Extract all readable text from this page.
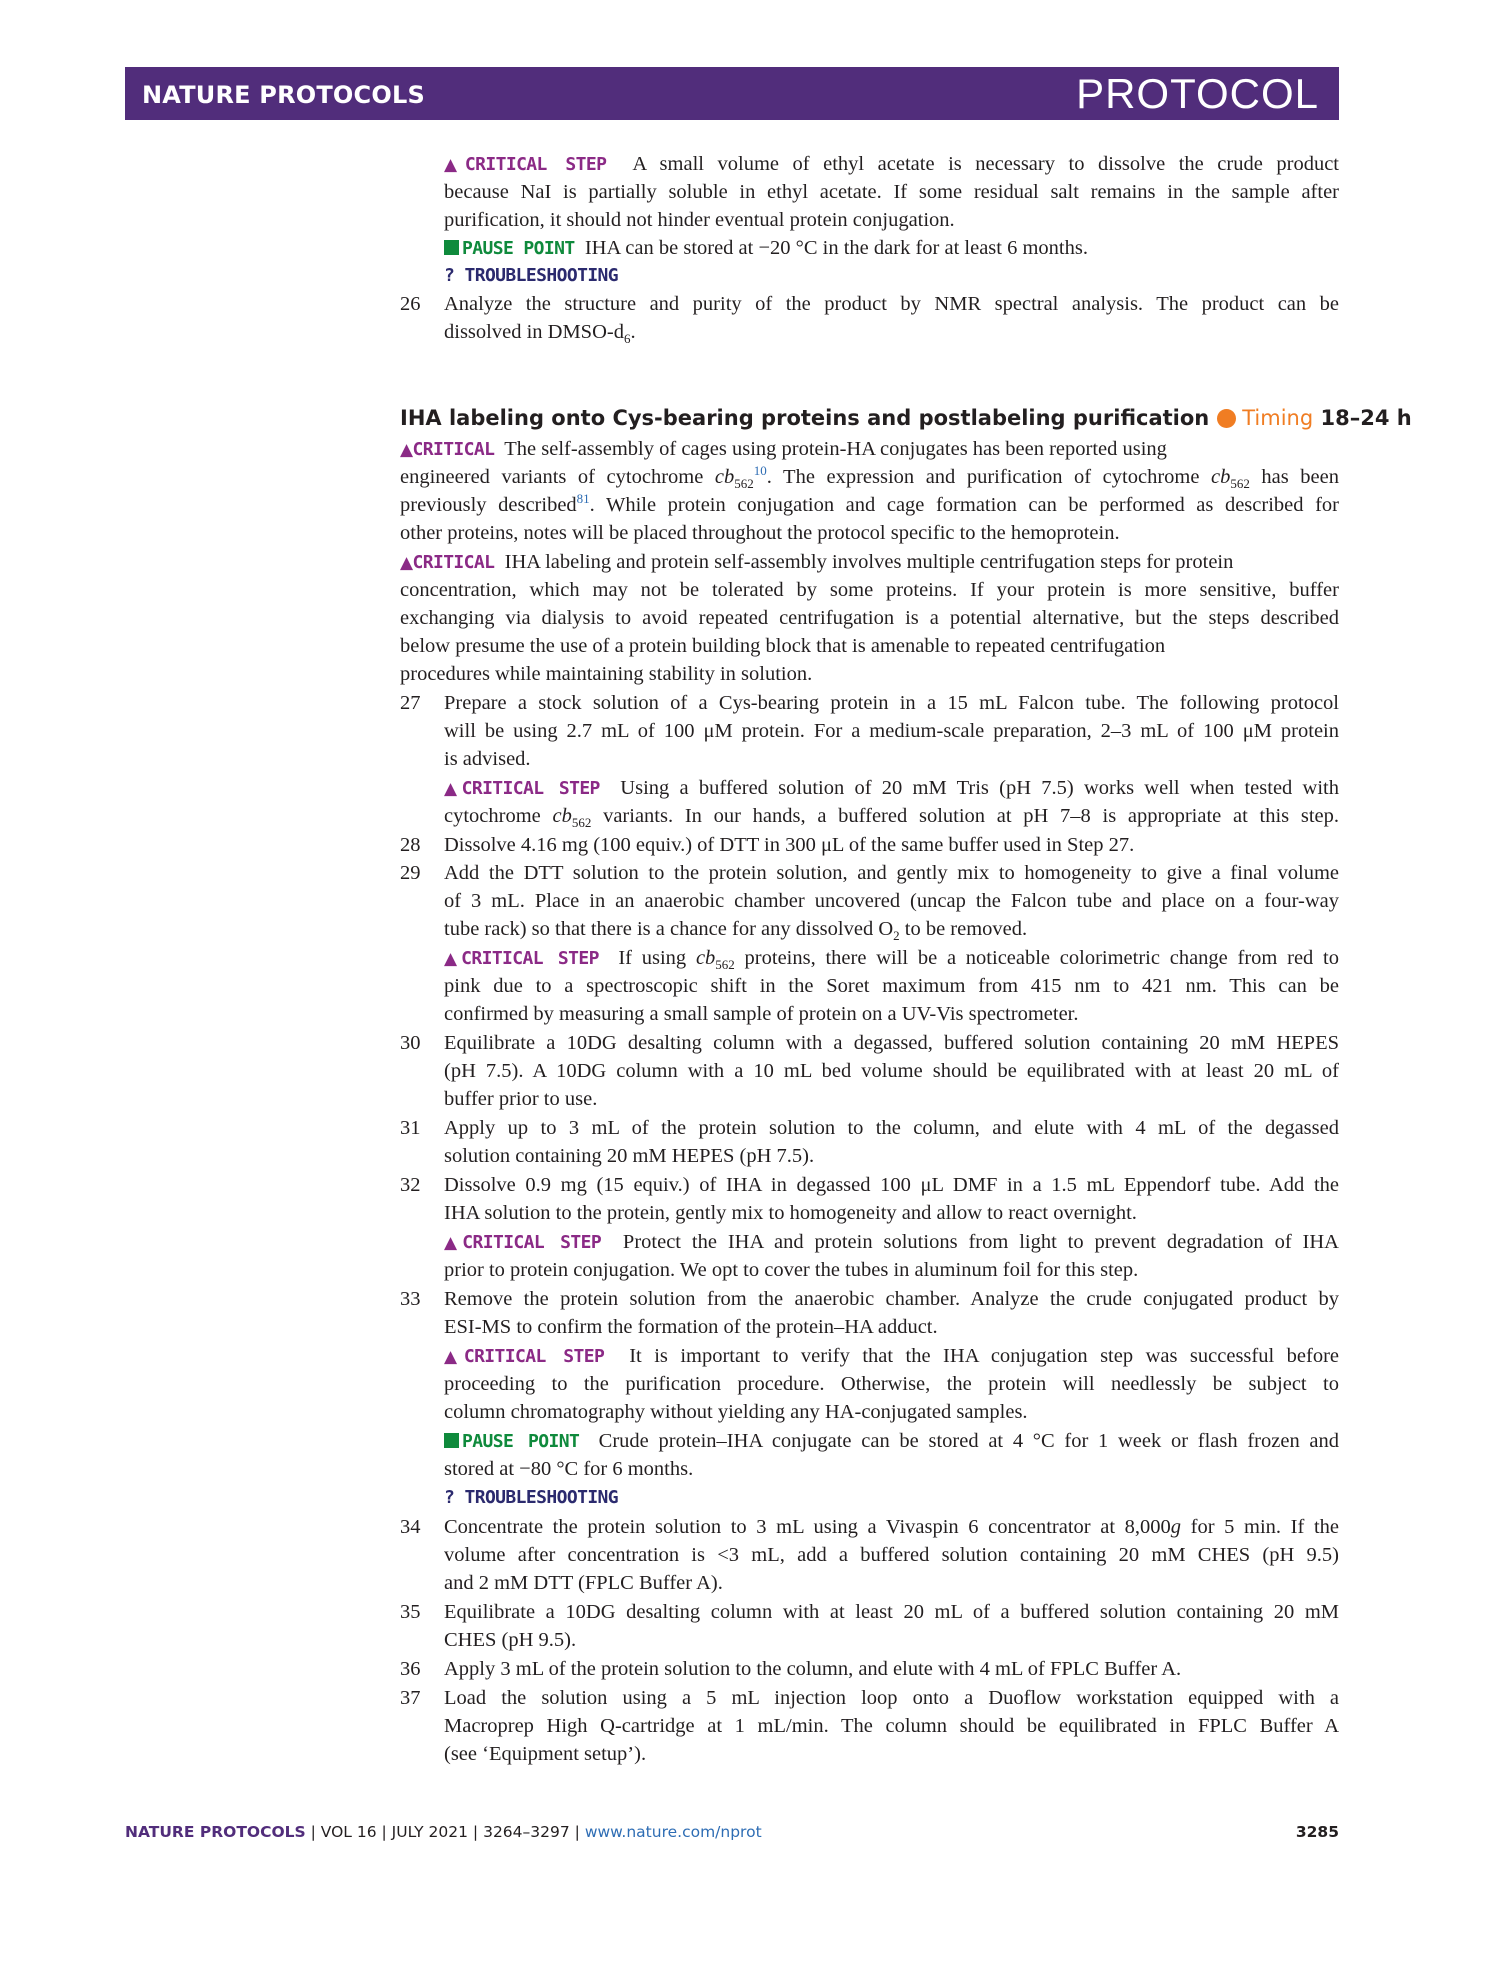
NATURE PROTOCOLS	PROTOCOL
▲CRITICAL STEP A small volume of ethyl acetate is necessary to dissolve the crude product
because NaI is partially soluble in ethyl acetate. If some residual salt remains in the sample after
purification, it should not hinder eventual protein conjugation.
PAUSE POINT IHA can be stored at −20 °C in the dark for at least 6 months.
? TROUBLESHOOTING
26 Analyze the structure and purity of the product by NMR spectral analysis. The product can be
dissolved in DMSO-$d_6$.
IHA labeling onto Cys-bearing proteins and postlabeling purification Timing 18–24 h
▲CRITICAL The self-assembly of cages using protein-HA conjugates has been reported using
engineered variants of cytochrome $cb_{562}^{10}$. The expression and purification of cytochrome $cb_{562}$ has been
previously described$^{81}$. While protein conjugation and cage formation can be performed as described for
other proteins, notes will be placed throughout the protocol specific to the hemoprotein.
▲CRITICAL IHA labeling and protein self-assembly involves multiple centrifugation steps for protein
concentration, which may not be tolerated by some proteins. If your protein is more sensitive, buffer
exchanging via dialysis to avoid repeated centrifugation is a potential alternative, but the steps described
below presume the use of a protein building block that is amenable to repeated centrifugation
procedures while maintaining stability in solution.
27 Prepare a stock solution of a Cys-bearing protein in a 15 mL Falcon tube. The following protocol
will be using 2.7 mL of 100 μM protein. For a medium-scale preparation, 2–3 mL of 100 μM protein
is advised.
▲CRITICAL STEP Using a buffered solution of 20 mM Tris (pH 7.5) works well when tested with
cytochrome $cb_{562}$ variants. In our hands, a buffered solution at pH 7–8 is appropriate at this step.
28 Dissolve 4.16 mg (100 equiv.) of DTT in 300 μL of the same buffer used in Step 27.
29 Add the DTT solution to the protein solution, and gently mix to homogeneity to give a final volume
of 3 mL. Place in an anaerobic chamber uncovered (uncap the Falcon tube and place on a four-way
tube rack) so that there is a chance for any dissolved $O_2$ to be removed.
▲CRITICAL STEP If using $cb_{562}$ proteins, there will be a noticeable colorimetric change from red to
pink due to a spectroscopic shift in the Soret maximum from 415 nm to 421 nm. This can be
confirmed by measuring a small sample of protein on a UV-Vis spectrometer.
30 Equilibrate a 10DG desalting column with a degassed, buffered solution containing 20 mM HEPES
(pH 7.5). A 10DG column with a 10 mL bed volume should be equilibrated with at least 20 mL of
buffer prior to use.
31 Apply up to 3 mL of the protein solution to the column, and elute with 4 mL of the degassed
solution containing 20 mM HEPES (pH 7.5).
32 Dissolve 0.9 mg (15 equiv.) of IHA in degassed 100 μL DMF in a 1.5 mL Eppendorf tube. Add the
IHA solution to the protein, gently mix to homogeneity and allow to react overnight.
▲CRITICAL STEP Protect the IHA and protein solutions from light to prevent degradation of IHA
prior to protein conjugation. We opt to cover the tubes in aluminum foil for this step.
33 Remove the protein solution from the anaerobic chamber. Analyze the crude conjugated product by
ESI-MS to confirm the formation of the protein–HA adduct.
▲CRITICAL STEP It is important to verify that the IHA conjugation step was successful before
proceeding to the purification procedure. Otherwise, the protein will needlessly be subject to
column chromatography without yielding any HA-conjugated samples.
PAUSE POINT Crude protein–IHA conjugate can be stored at 4 °C for 1 week or flash frozen and
stored at −80 °C for 6 months.
? TROUBLESHOOTING
34 Concentrate the protein solution to 3 mL using a Vivaspin 6 concentrator at 8,000g for 5 min. If the
volume after concentration is <3 mL, add a buffered solution containing 20 mM CHES (pH 9.5)
and 2 mM DTT (FPLC Buffer A).
35 Equilibrate a 10DG desalting column with at least 20 mL of a buffered solution containing 20 mM
CHES (pH 9.5).
36 Apply 3 mL of the protein solution to the column, and elute with 4 mL of FPLC Buffer A.
37 Load the solution using a 5 mL injection loop onto a Duoflow workstation equipped with a
Macroprep High Q-cartridge at 1 mL/min. The column should be equilibrated in FPLC Buffer A
(see ‘Equipment setup’).
NATURE PROTOCOLS | VOL 16 | JULY 2021 | 3264–3297 | www.nature.com/nprot	3285
